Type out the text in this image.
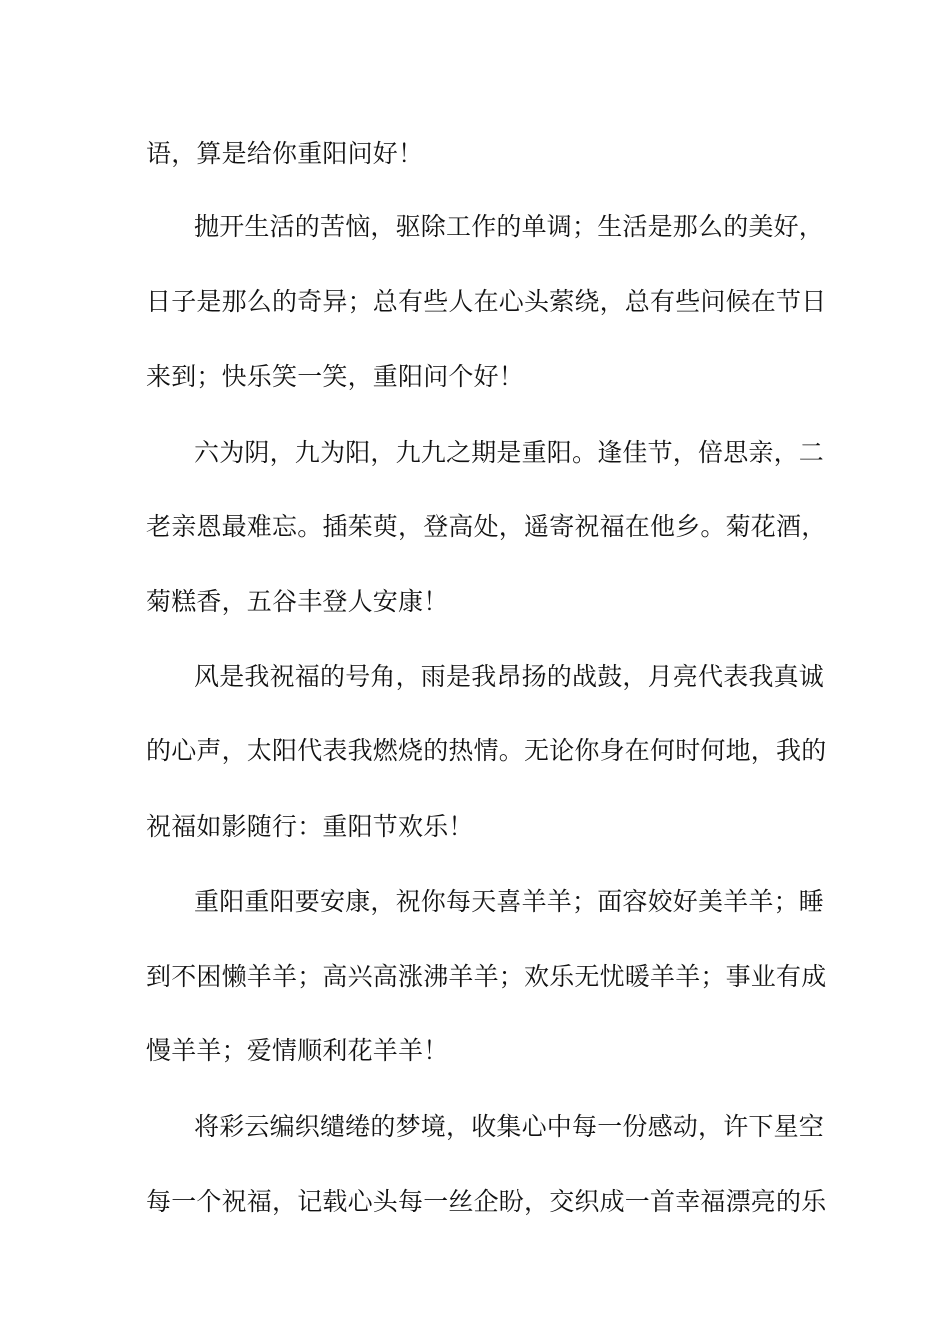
语，算是给你重阳问好！
抛开生活的苦恼，驱除工作的单调；生活是那么的美好，
日子是那么的奇异；总有些人在心头萦绕，总有些问候在节日
来到；快乐笑一笑，重阳问个好！
六为阴，九为阳，九九之期是重阳。逢佳节，倍思亲，二
老亲恩最难忘。插茱萸，登高处，遥寄祝福在他乡。菊花酒，
菊糕香，五谷丰登人安康！
风是我祝福的号角，雨是我昂扬的战鼓，月亮代表我真诚
的心声，太阳代表我燃烧的热情。无论你身在何时何地，我的
祝福如影随行：重阳节欢乐！
重阳重阳要安康，祝你每天喜羊羊；面容姣好美羊羊；睡
到不困懒羊羊；高兴高涨沸羊羊；欢乐无忧暖羊羊；事业有成
慢羊羊；爱情顺利花羊羊！
将彩云编织缱绻的梦境，收集心中每一份感动，许下星空
每一个祝福，记载心头每一丝企盼，交织成一首幸福漂亮的乐
